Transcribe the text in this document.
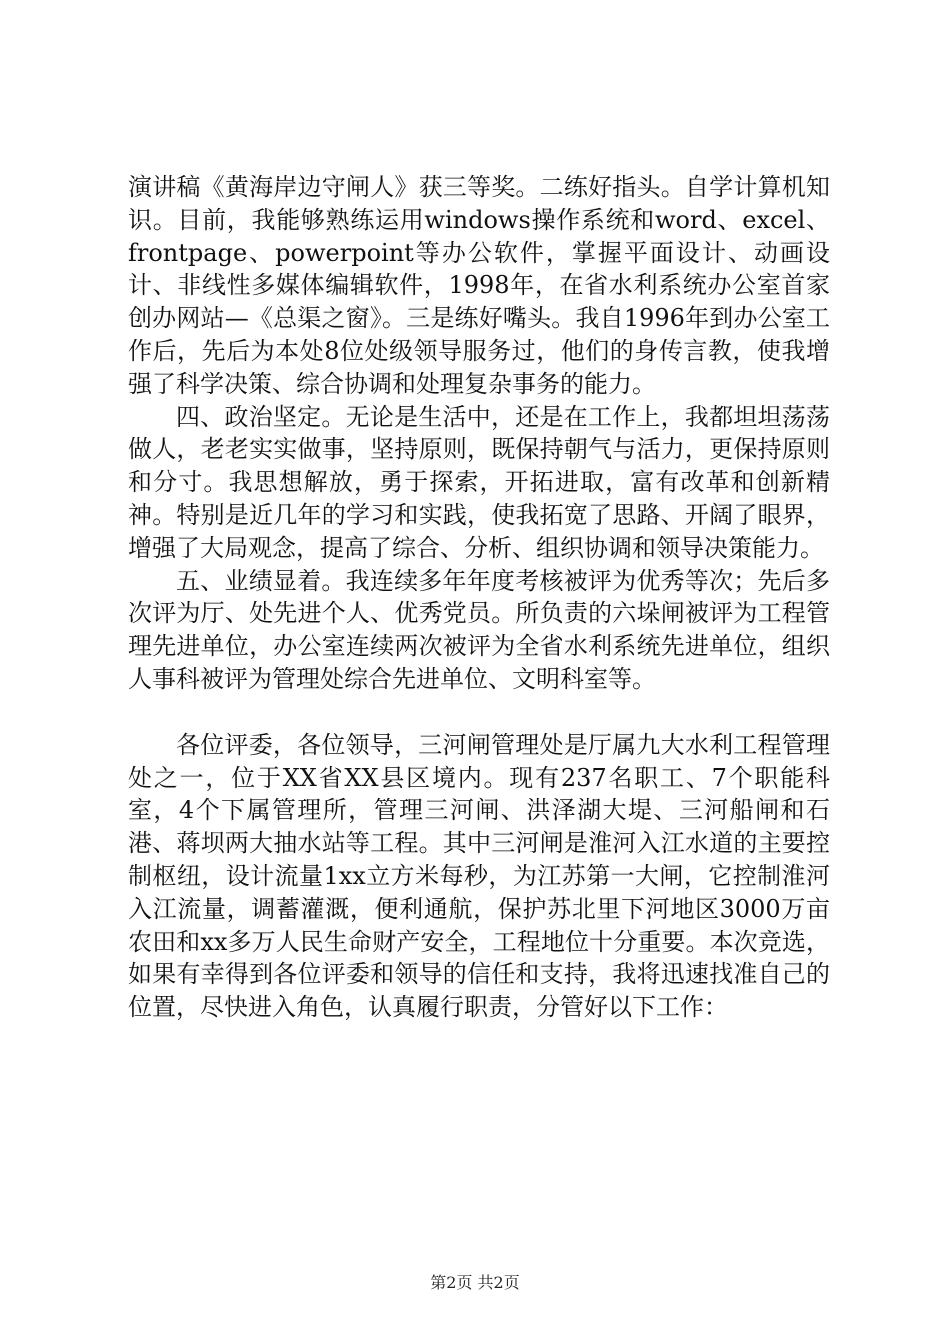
演讲稿《黄海岸边守闸人》获三等奖。二练好指头。自学计算机知识。目前，我能够熟练运用windows操作系统和word、excel、frontpage、powerpoint等办公软件，掌握平面设计、动画设计、非线性多媒体编辑软件，1998年，在省水利系统办公室首家创办网站—《总渠之窗》。三是练好嘴头。我自1996年到办公室工作后，先后为本处8位处级领导服务过，他们的身传言教，使我增强了科学决策、综合协调和处理复杂事务的能力。

四、政治坚定。无论是生活中，还是在工作上，我都坦坦荡荡做人，老老实实做事，坚持原则，既保持朝气与活力，更保持原则和分寸。我思想解放，勇于探索，开拓进取，富有改革和创新精神。特别是近几年的学习和实践，使我拓宽了思路、开阔了眼界，增强了大局观念，提高了综合、分析、组织协调和领导决策能力。

五、业绩显着。我连续多年年度考核被评为优秀等次；先后多次评为厅、处先进个人、优秀党员。所负责的六垛闸被评为工程管理先进单位，办公室连续两次被评为全省水利系统先进单位，组织人事科被评为管理处综合先进单位、文明科室等。

各位评委，各位领导，三河闸管理处是厅属九大水利工程管理处之一，位于XX省XX县区境内。现有237名职工、7个职能科室，4个下属管理所，管理三河闸、洪泽湖大堤、三河船闸和石港、蒋坝两大抽水站等工程。其中三河闸是淮河入江水道的主要控制枢纽，设计流量1xx立方米每秒，为江苏第一大闸，它控制淮河入江流量，调蓄灌溉，便利通航，保护苏北里下河地区3000万亩农田和xx多万人民生命财产安全，工程地位十分重要。本次竞选，如果有幸得到各位评委和领导的信任和支持，我将迅速找准自己的位置，尽快进入角色，认真履行职责，分管好以下工作：

第2页 共2页
